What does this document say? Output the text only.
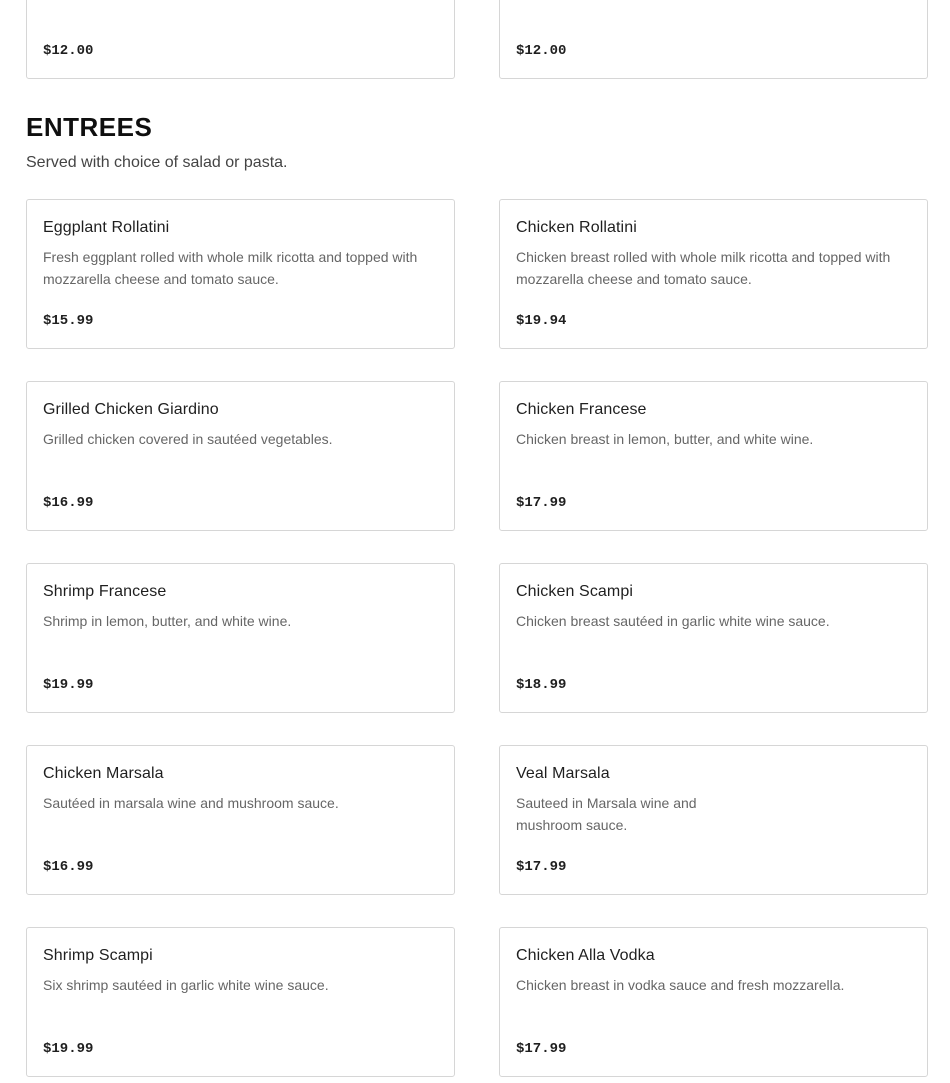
$12.00	$12.00
ENTREES

Served with choice of salad or pasta.

Eggplant Rollatini
Fresh eggplant rolled with whole milk ricotta and topped with mozzarella cheese and tomato sauce.
$15.99
Chicken Rollatini
Chicken breast rolled with whole milk ricotta and topped with mozzarella cheese and tomato sauce.
$19.94
Grilled Chicken Giardino
Grilled chicken covered in sautéed vegetables.
$16.99
Chicken Francese
Chicken breast in lemon, butter, and white wine.
$17.99
Shrimp Francese
Shrimp in lemon, butter, and white wine.
$19.99
Chicken Scampi
Chicken breast sautéed in garlic white wine sauce.
$18.99
Chicken Marsala
Sautéed in marsala wine and mushroom sauce.
$16.99
Veal Marsala
Sauteed in Marsala wine and mushroom sauce.
$17.99
Shrimp Scampi
Six shrimp sautéed in garlic white wine sauce.
$19.99
Chicken Alla Vodka
Chicken breast in vodka sauce and fresh mozzarella.
$17.99
